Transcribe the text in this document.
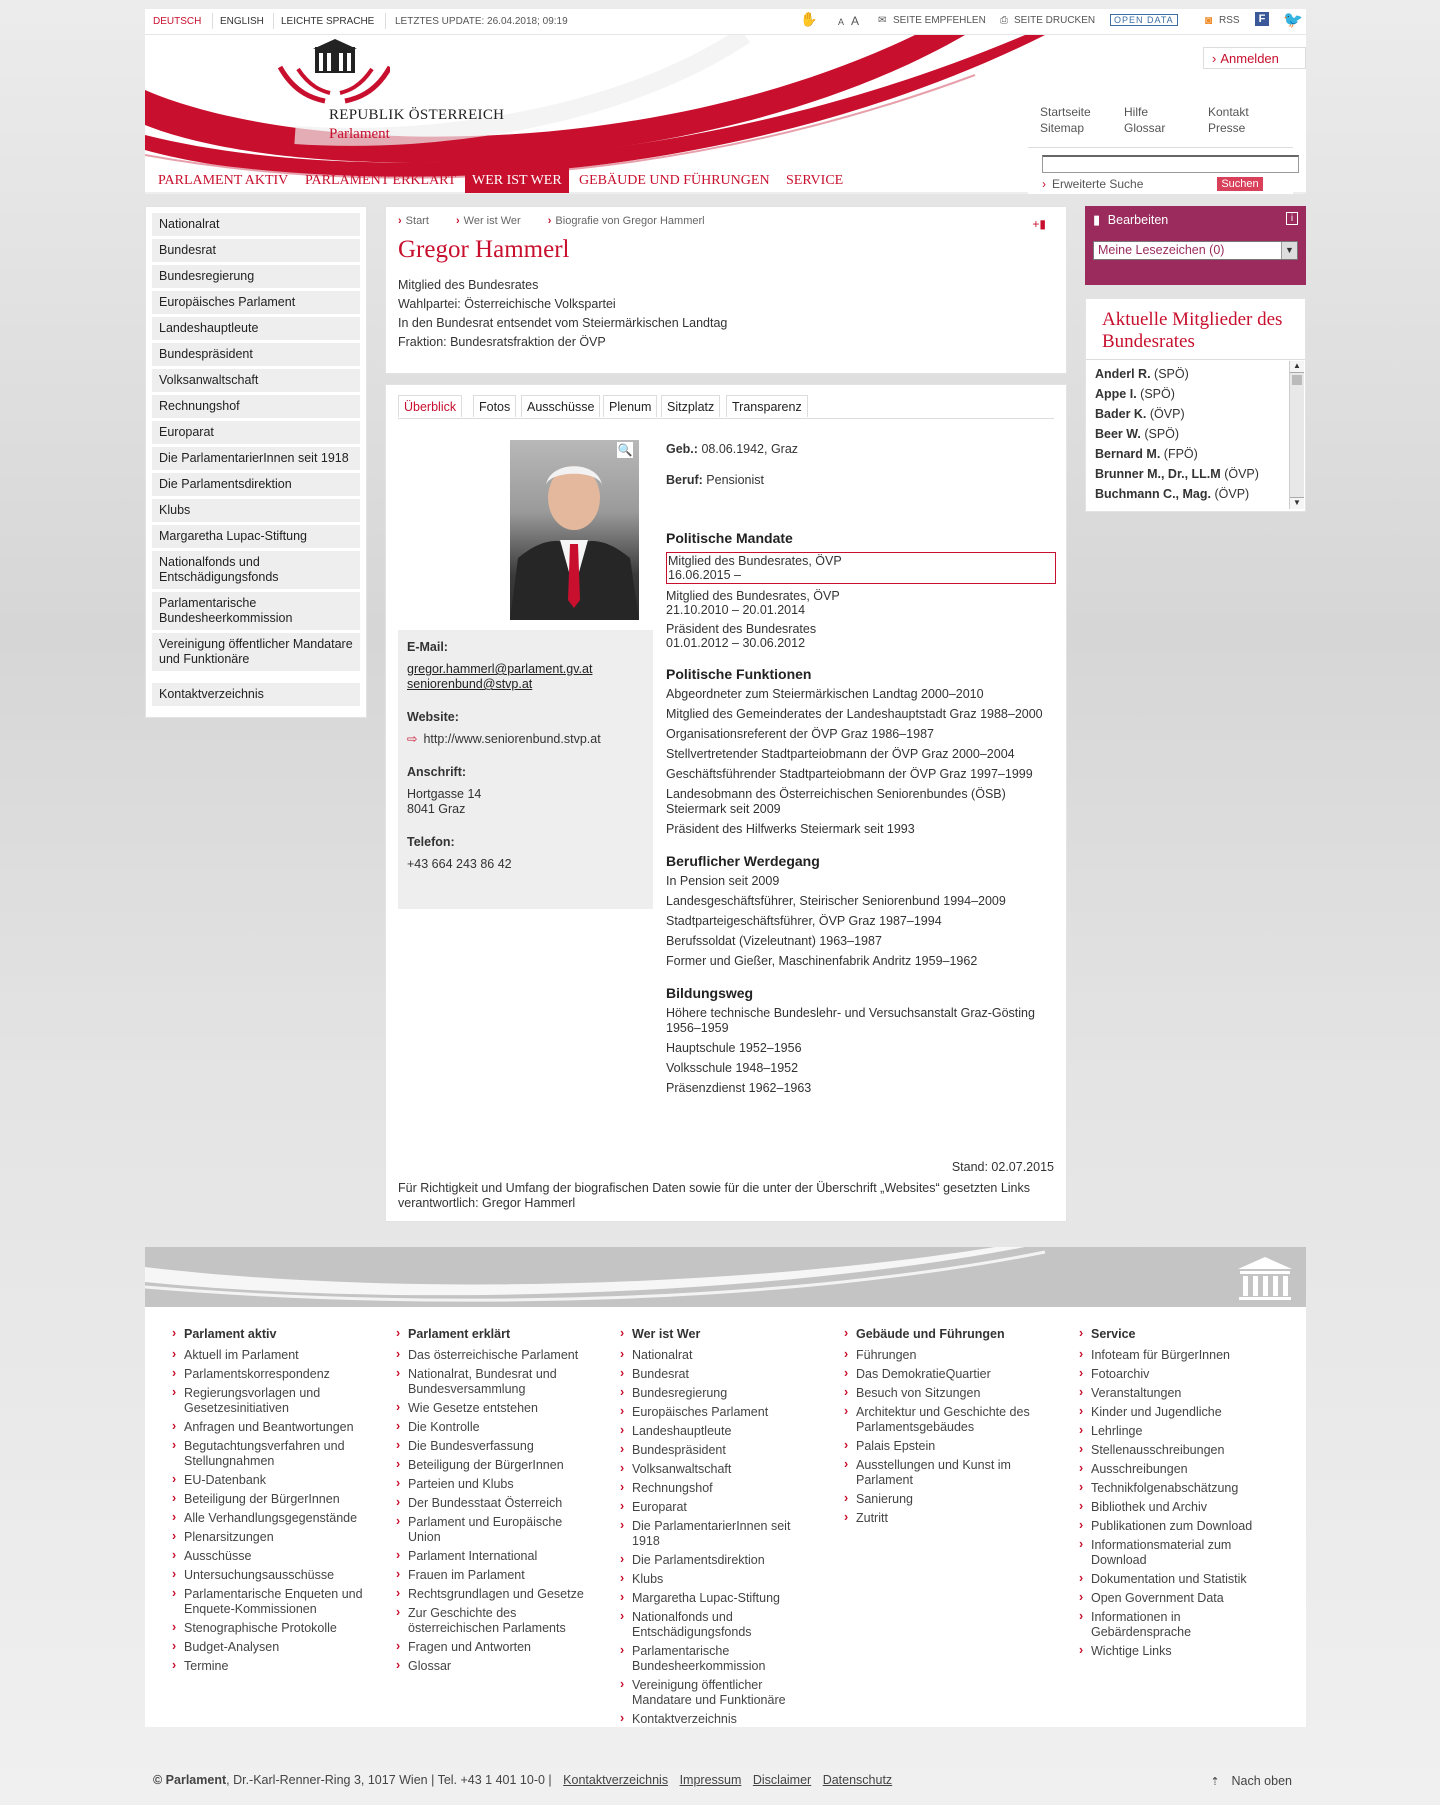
DEUTSCH ENGLISH LEICHTE SPRACHE LETZTES UPDATE: 26.04.2018; 09:19	✋ A A ✉ SEITE EMPFEHLEN ⎙ SEITE DRUCKEN	OPEN DATA	◙ RSS	F 🐦
REPUBLIK ÖSTERREICH
Parlament
› Anmelden
Startseite
Sitemap
Hilfe
Glossar
Kontakt
Presse
PARLAMENT AKTIV	PARLAMENT ERKLÄRT	WER IST WER	GEBÄUDE UND FÜHRUNGEN	SERVICE	› Erweiterte Suche	Suchen
Nationalrat
Bundesrat
Bundesregierung
Europäisches Parlament
Landeshauptleute
Bundespräsident
Volksanwaltschaft
Rechnungshof
Europarat
Die ParlamentarierInnen seit 1918
Die Parlamentsdirektion
Klubs
Margaretha Lupac-Stiftung
Nationalfonds und Entschädigungsfonds
Parlamentarische Bundesheerkommission
Vereinigung öffentlicher Mandatare und Funktionäre
Kontaktverzeichnis
› Start › Wer ist Wer › Biografie von Gregor Hammerl	+▮
Gregor Hammerl
Mitglied des Bundesrates
Wahlpartei: Österreichische Volkspartei
In den Bundesrat entsendet vom Steiermärkischen Landtag
Fraktion: Bundesratsfraktion der ÖVP
Überblick	Fotos	Ausschüsse	Plenum	Sitzplatz	Transparenz
🔍
E-Mail:
gregor.hammerl@parlament.gv.at
seniorenbund@stvp.at
Website:
⇨ http://www.seniorenbund.stvp.at
Anschrift:
Hortgasse 14
8041 Graz
Telefon:
+43 664 243 86 42
Geb.: 08.06.1942, Graz
Beruf: Pensionist
Politische Mandate
Mitglied des Bundesrates, ÖVP
16.06.2015 –
Mitglied des Bundesrates, ÖVP
21.10.2010 – 20.01.2014
Präsident des Bundesrates
01.01.2012 – 30.06.2012
Politische Funktionen
Abgeordneter zum Steiermärkischen Landtag 2000–2010
Mitglied des Gemeinderates der Landeshauptstadt Graz 1988–2000
Organisationsreferent der ÖVP Graz 1986–1987
Stellvertretender Stadtparteiobmann der ÖVP Graz 2000–2004
Geschäftsführender Stadtparteiobmann der ÖVP Graz 1997–1999
Landesobmann des Österreichischen Seniorenbundes (ÖSB) Steiermark seit 2009
Präsident des Hilfwerks Steiermark seit 1993
Beruflicher Werdegang
In Pension seit 2009
Landesgeschäftsführer, Steirischer Seniorenbund 1994–2009
Stadtparteigeschäftsführer, ÖVP Graz 1987–1994
Berufssoldat (Vizeleutnant) 1963–1987
Former und Gießer, Maschinenfabrik Andritz 1959–1962
Bildungsweg
Höhere technische Bundeslehr- und Versuchsanstalt Graz-Gösting 1956–1959
Hauptschule 1952–1956
Volksschule 1948–1952
Präsenzdienst 1962–1963
Stand: 02.07.2015
Für Richtigkeit und Umfang der biografischen Daten sowie für die unter der Überschrift „Websites“ gesetzten Links verantwortlich: Gregor Hammerl
▮ Bearbeiten	i
Meine Lesezeichen (0)	▼
Aktuelle Mitglieder des Bundesrates
Anderl R. (SPÖ)
Appe I. (SPÖ)
Bader K. (ÖVP)
Beer W. (SPÖ)
Bernard M. (FPÖ)
Brunner M., Dr., LL.M (ÖVP)
Buchmann C., Mag. (ÖVP)
▲
▼
› Parlament aktiv
› Aktuell im Parlament
› Parlamentskorrespondenz
› Regierungsvorlagen und Gesetzesinitiativen
› Anfragen und Beantwortungen
› Begutachtungsverfahren und Stellungnahmen
› EU-Datenbank
› Beteiligung der BürgerInnen
› Alle Verhandlungsgegenstände
› Plenarsitzungen
› Ausschüsse
› Untersuchungsausschüsse
› Parlamentarische Enqueten und Enquete-Kommissionen
› Stenographische Protokolle
› Budget-Analysen
› Termine
› Parlament erklärt
› Das österreichische Parlament
› Nationalrat, Bundesrat und Bundesversammlung
› Wie Gesetze entstehen
› Die Kontrolle
› Die Bundesverfassung
› Beteiligung der BürgerInnen
› Parteien und Klubs
› Der Bundesstaat Österreich
› Parlament und Europäische Union
› Parlament International
› Frauen im Parlament
› Rechtsgrundlagen und Gesetze
› Zur Geschichte des österreichischen Parlaments
› Fragen und Antworten
› Glossar
› Wer ist Wer
› Nationalrat
› Bundesrat
› Bundesregierung
› Europäisches Parlament
› Landeshauptleute
› Bundespräsident
› Volksanwaltschaft
› Rechnungshof
› Europarat
› Die ParlamentarierInnen seit 1918
› Die Parlamentsdirektion
› Klubs
› Margaretha Lupac-Stiftung
› Nationalfonds und Entschädigungsfonds
› Parlamentarische Bundesheerkommission
› Vereinigung öffentlicher Mandatare und Funktionäre
› Kontaktverzeichnis
› Gebäude und Führungen
› Führungen
› Das DemokratieQuartier
› Besuch von Sitzungen
› Architektur und Geschichte des Parlamentsgebäudes
› Palais Epstein
› Ausstellungen und Kunst im Parlament
› Sanierung
› Zutritt
› Service
› Infoteam für BürgerInnen
› Fotoarchiv
› Veranstaltungen
› Kinder und Jugendliche
› Lehrlinge
› Stellenausschreibungen
› Ausschreibungen
› Technikfolgenabschätzung
› Bibliothek und Archiv
› Publikationen zum Download
› Informationsmaterial zum Download
› Dokumentation und Statistik
› Open Government Data
› Informationen in Gebärdensprache
› Wichtige Links
© Parlament, Dr.-Karl-Renner-Ring 3, 1017 Wien | Tel. +43 1 401 10-0 | Kontaktverzeichnis Impressum Disclaimer Datenschutz	⇡ Nach oben
